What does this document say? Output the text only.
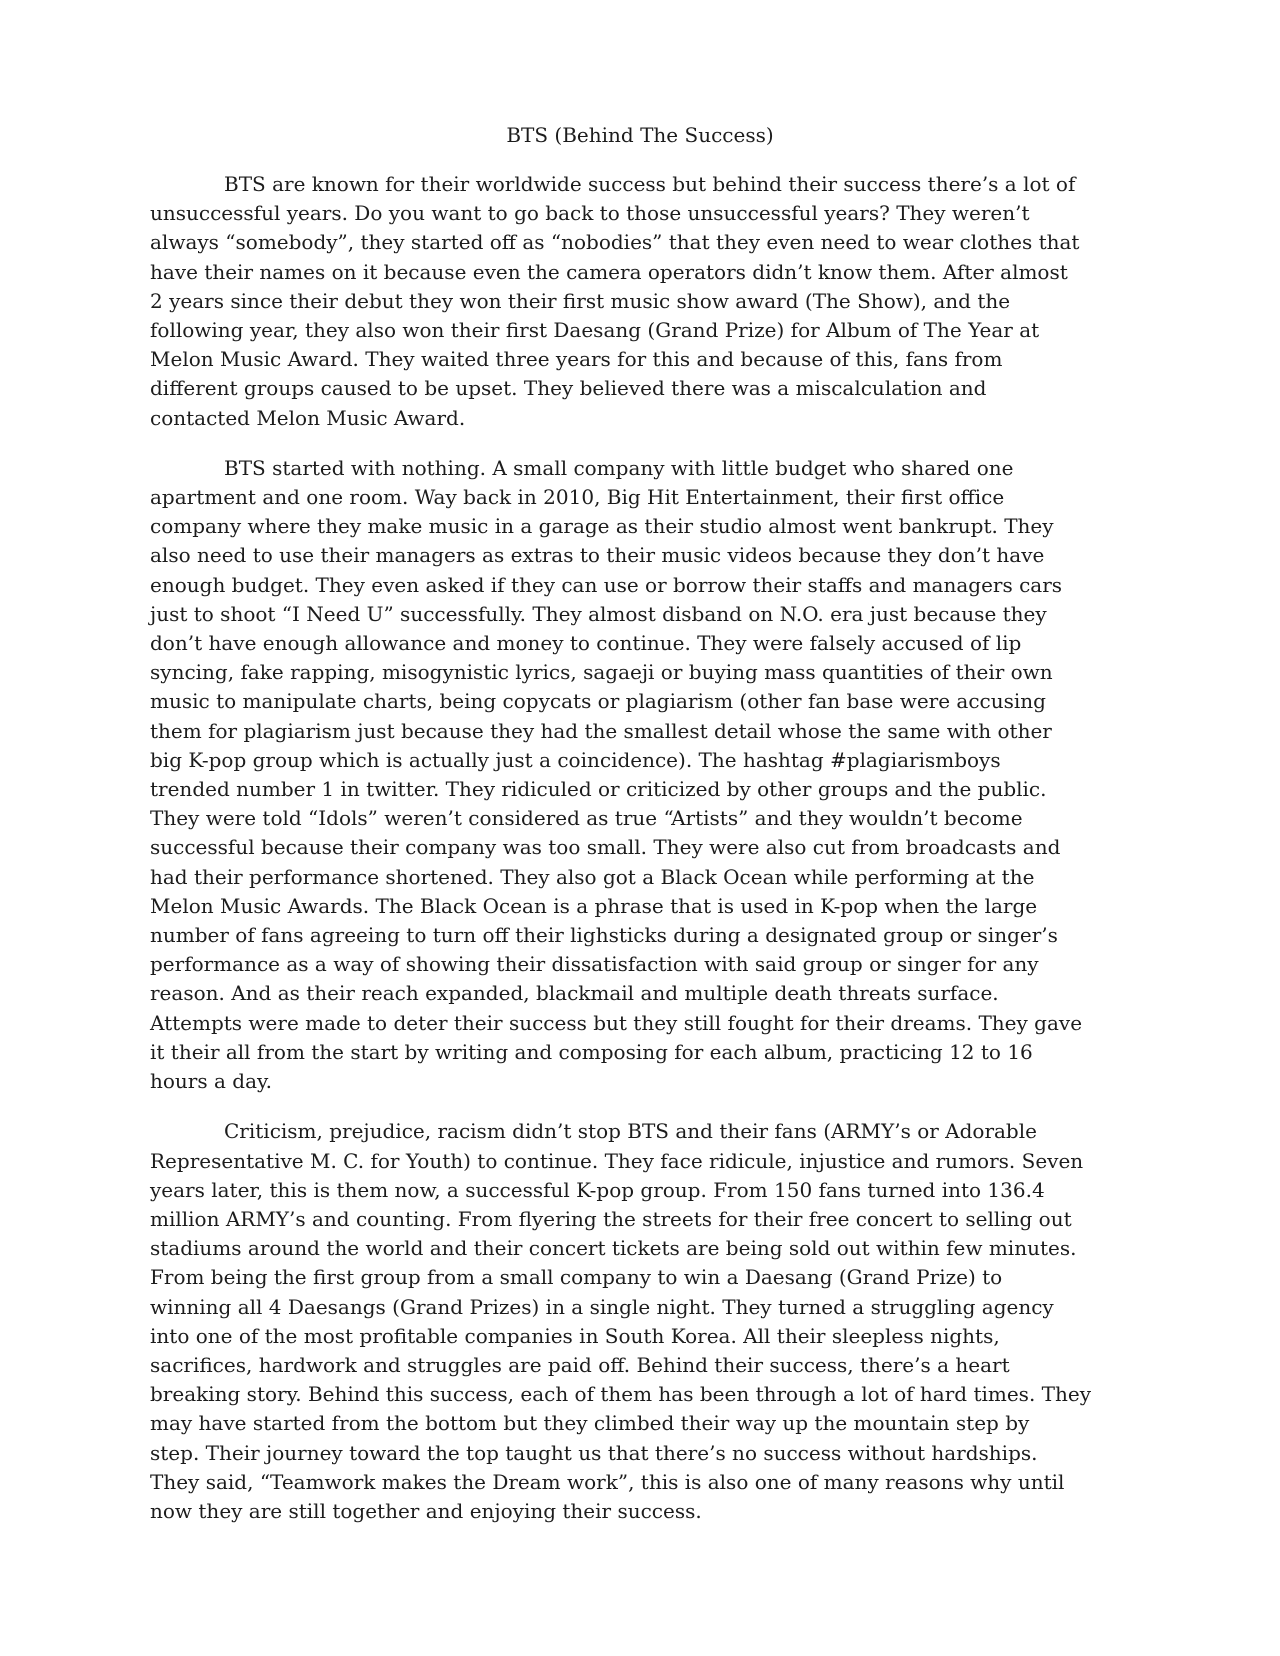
BTS (Behind The Success)

BTS are known for their worldwide success but behind their success there’s a lot of
unsuccessful years. Do you want to go back to those unsuccessful years? They weren’t
always “somebody”, they started off as “nobodies” that they even need to wear clothes that
have their names on it because even the camera operators didn’t know them. After almost
2 years since their debut they won their first music show award (The Show), and the
following year, they also won their first Daesang (Grand Prize) for Album of The Year at
Melon Music Award. They waited three years for this and because of this, fans from
different groups caused to be upset. They believed there was a miscalculation and
contacted Melon Music Award.

BTS started with nothing. A small company with little budget who shared one
apartment and one room. Way back in 2010, Big Hit Entertainment, their first office
company where they make music in a garage as their studio almost went bankrupt. They
also need to use their managers as extras to their music videos because they don’t have
enough budget. They even asked if they can use or borrow their staffs and managers cars
just to shoot “I Need U” successfully. They almost disband on N.O. era just because they
don’t have enough allowance and money to continue. They were falsely accused of lip
syncing, fake rapping, misogynistic lyrics, sagaeji or buying mass quantities of their own
music to manipulate charts, being copycats or plagiarism (other fan base were accusing
them for plagiarism just because they had the smallest detail whose the same with other
big K-pop group which is actually just a coincidence). The hashtag #plagiarismboys
trended number 1 in twitter. They ridiculed or criticized by other groups and the public.
They were told “Idols” weren’t considered as true “Artists” and they wouldn’t become
successful because their company was too small. They were also cut from broadcasts and
had their performance shortened. They also got a Black Ocean while performing at the
Melon Music Awards. The Black Ocean is a phrase that is used in K-pop when the large
number of fans agreeing to turn off their lighsticks during a designated group or singer’s
performance as a way of showing their dissatisfaction with said group or singer for any
reason. And as their reach expanded, blackmail and multiple death threats surface.
Attempts were made to deter their success but they still fought for their dreams. They gave
it their all from the start by writing and composing for each album, practicing 12 to 16
hours a day.

Criticism, prejudice, racism didn’t stop BTS and their fans (ARMY’s or Adorable
Representative M. C. for Youth) to continue. They face ridicule, injustice and rumors. Seven
years later, this is them now, a successful K-pop group. From 150 fans turned into 136.4
million ARMY’s and counting. From flyering the streets for their free concert to selling out
stadiums around the world and their concert tickets are being sold out within few minutes.
From being the first group from a small company to win a Daesang (Grand Prize) to
winning all 4 Daesangs (Grand Prizes) in a single night. They turned a struggling agency
into one of the most profitable companies in South Korea. All their sleepless nights,
sacrifices, hardwork and struggles are paid off. Behind their success, there’s a heart
breaking story. Behind this success, each of them has been through a lot of hard times. They
may have started from the bottom but they climbed their way up the mountain step by
step. Their journey toward the top taught us that there’s no success without hardships.
They said, “Teamwork makes the Dream work”, this is also one of many reasons why until
now they are still together and enjoying their success.
